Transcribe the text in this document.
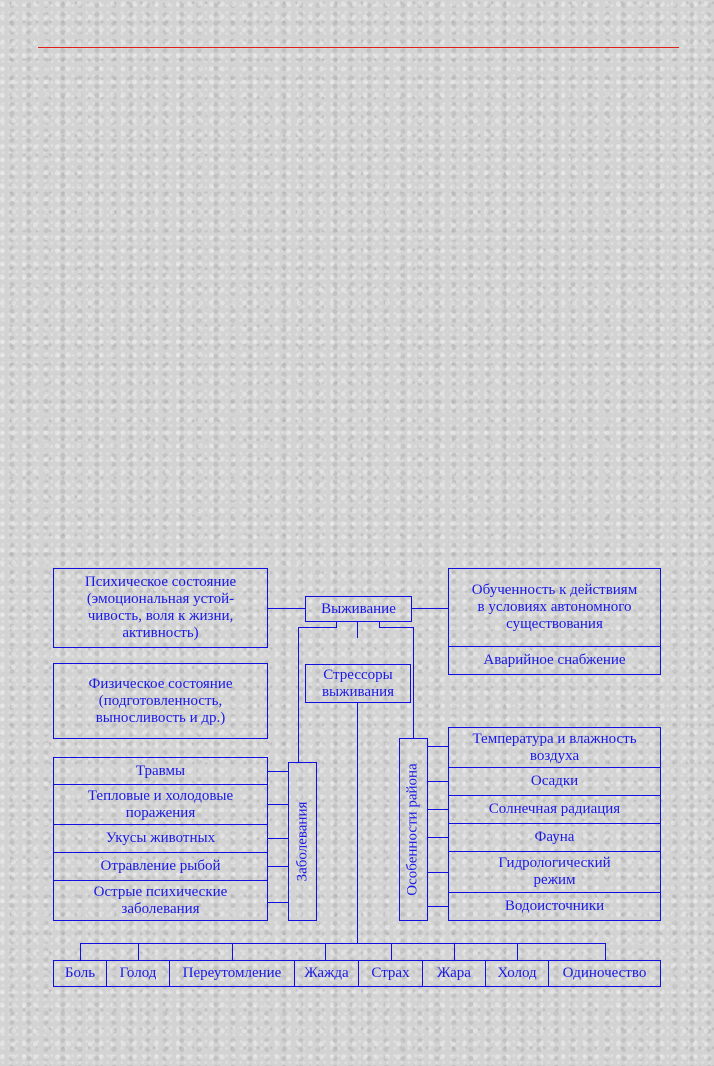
Психическое состояние
(эмоциональная устой-
чивость, воля к жизни,
активность)
Физическое состояние
(подготовленность,
выносливость и др.)
Выживание
Стрессоры
выживания
Обученность к действиям
в условиях автономного
существования
Аварийное снабжение
Травмы
Тепловые и холодовые
поражения
Укусы животных
Отравление рыбой
Острые психические
заболевания
Заболевания	Особенности района
Температура и влажность
воздуха
Осадки
Солнечная радиация
Фауна
Гидрологический
режим
Водоисточники
Боль	Голод	Переутомление	Жажда	Страх	Жара	Холод	Одиночество
